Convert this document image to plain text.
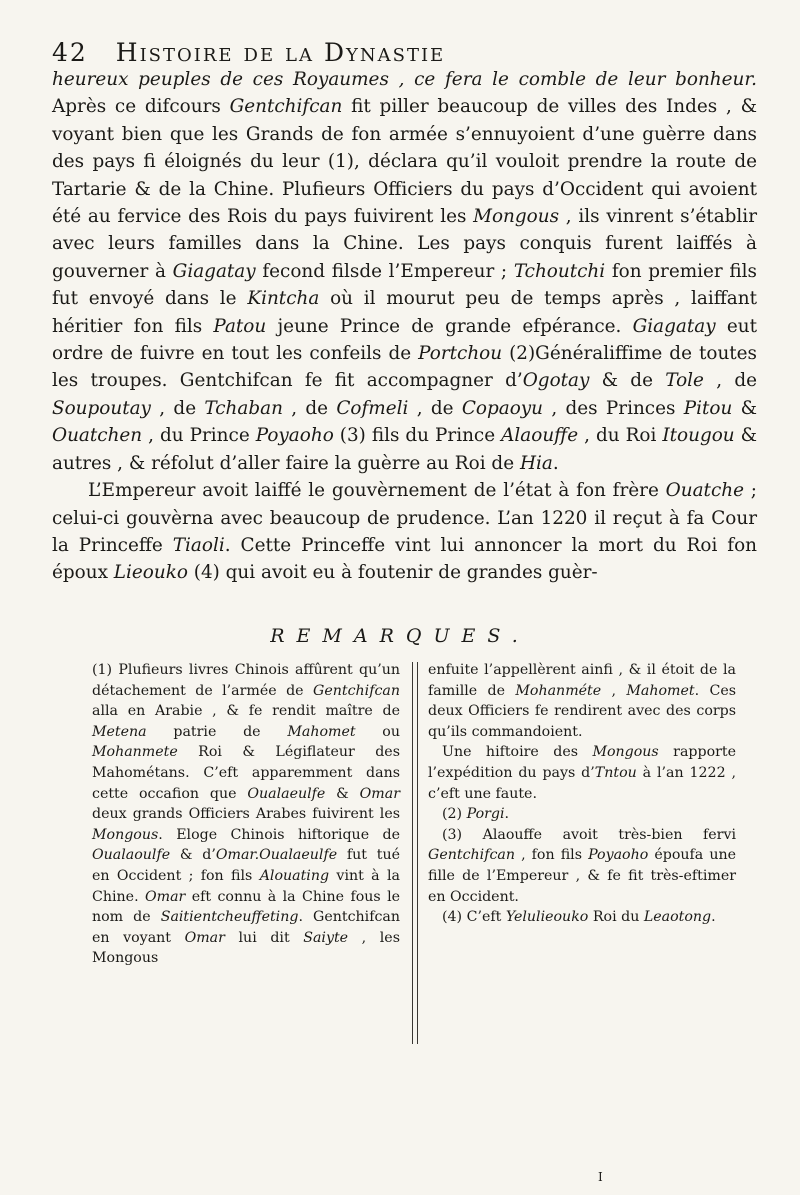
42 Histoire de la Dynastie

heureux peuples de ces Royaumes , ce fera le comble de leur bonheur. Après ce difcours Gentchifcan fit piller beaucoup de villes des Indes , & voyant bien que les Grands de fon armée s’ennuyoient d’une guèrre dans des pays fi éloignés du leur (1), déclara qu’il vouloit prendre la route de Tartarie & de la Chine. Plufieurs Officiers du pays d’Occident qui avoient été au fervice des Rois du pays fuivirent les Mongous , ils vinrent s’établir avec leurs familles dans la Chine. Les pays conquis furent laiffés à gouverner à Giagatay fecond filsde l’Empereur ; Tchoutchi fon premier fils fut envoyé dans le Kintcha où il mourut peu de temps après , laiffant héritier fon fils Patou jeune Prince de grande efpérance. Giagatay eut ordre de fuivre en tout les confeils de Portchou (2)Généraliffime de toutes les troupes. Gentchifcan fe fit accompagner d’Ogotay & de Tole , de Soupoutay , de Tchaban , de Cofmeli , de Copaoyu , des Princes Pitou & Ouatchen , du Prince Poyaoho (3) fils du Prince Alaouffe , du Roi Itougou & autres , & réfolut d’aller faire la guèrre au Roi de Hia.

L’Empereur avoit laiffé le gouvèrnement de l’état à fon frère Ouatche ; celui-ci gouvèrna avec beaucoup de prudence. L’an 1220 il reçut à fa Cour la Princeffe Tiaoli. Cette Princeffe vint lui annoncer la mort du Roi fon époux Lieouko (4) qui avoit eu à foutenir de grandes guèr-

REMARQUES.

(1) Plufieurs livres Chinois affûrent qu’un détachement de l’armée de Gentchifcan alla en Arabie , & fe rendit maître de Metena patrie de Mahomet ou Mohanmete Roi & Légiflateur des Mahométans. C’eft apparemment dans cette occafion que Oualaeulfe & Omar deux grands Officiers Arabes fuivirent les Mongous. Eloge Chinois hiftorique de Oualaoulfe & d’Omar.Oualaeulfe fut tué en Occident ; fon fils Alouating vint à la Chine. Omar eft connu à la Chine fous le nom de Saitientcheuffeting. Gentchifcan en voyant Omar lui dit Saiyte , les Mongous

enfuite l’appellèrent ainfi , & il étoit de la famille de Mohanméte , Mahomet. Ces deux Officiers fe rendirent avec des corps qu’ils commandoient.

Une hiftoire des Mongous rapporte l’expédition du pays d’Tntou à l’an 1222 , c’eft une faute.

(2) Porgi.

(3) Alaouffe avoit très-bien fervi Gentchifcan , fon fils Poyaoho époufa une fille de l’Empereur , & fe fit très-eftimer en Occident.

(4) C’eft Yelulieouko Roi du Leaotong.

I
